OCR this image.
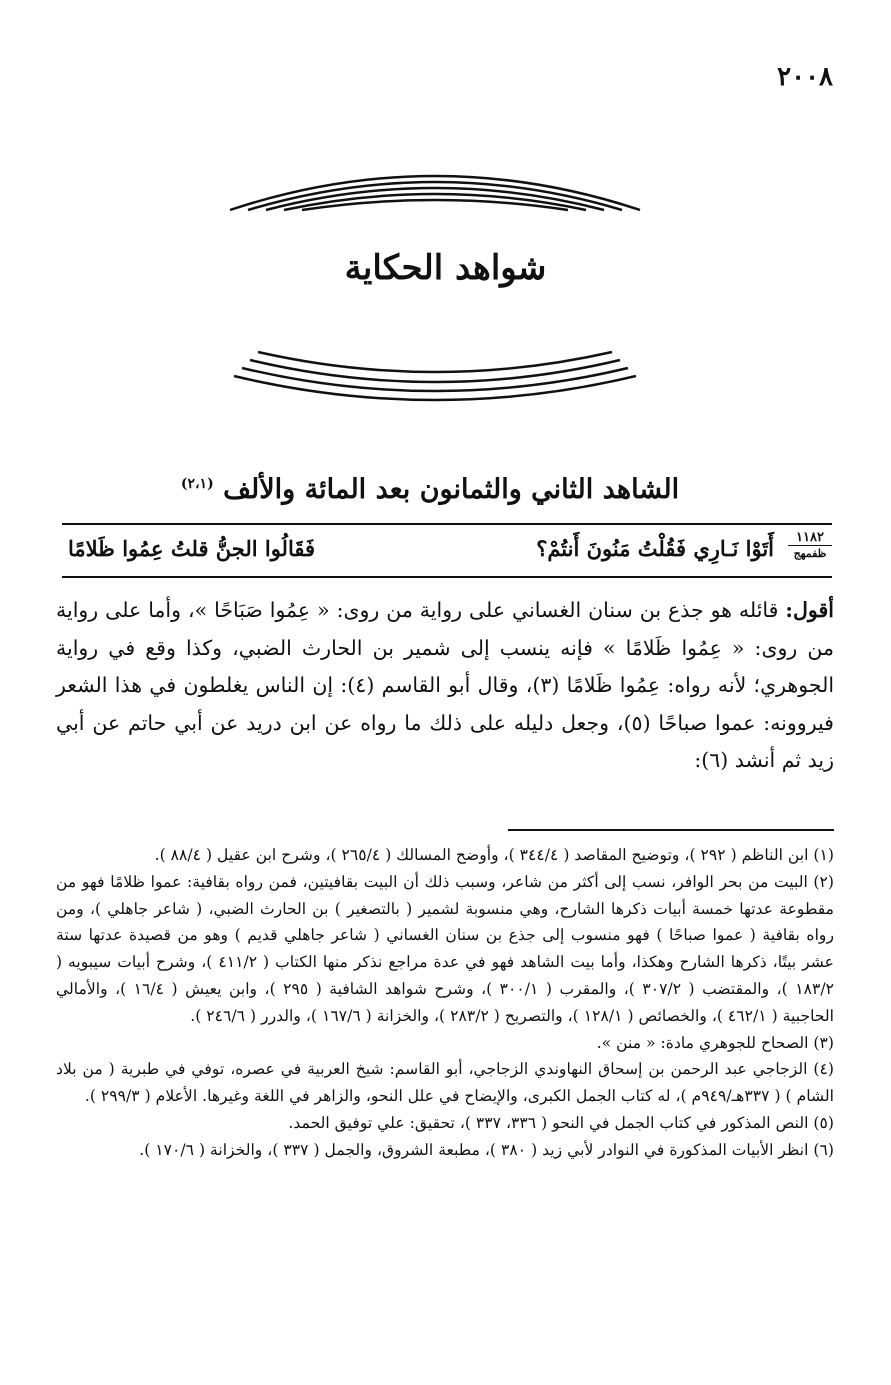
٢٠٠٨
شواهد الحكاية
الشاهد الثاني والثمانون بعد المائة والألف $^{(٢،١)}$
١١٨٢
ظفمهج
أَتَوْا نَـارِي فَقُلْتُ مَنُونَ أَنتُمْ؟
فَقَالُوا الجنُّ قلتُ عِمُوا ظَلامًا
أقول: قائله هو جذع بن سنان الغساني على رواية من روى: « عِمُوا صَبَاحًا »، وأما على رواية من روى: « عِمُوا ظَلامًا » فإنه ينسب إلى شمير بن الحارث الضبي، وكذا وقع في رواية الجوهري؛ لأنه رواه: عِمُوا ظَلامًا (٣)، وقال أبو القاسم (٤): إن الناس يغلطون في هذا الشعر فيروونه: عموا صباحًا (٥)، وجعل دليله على ذلك ما رواه عن ابن دريد عن أبي حاتم عن أبي زيد ثم أنشد (٦):

(١) ابن الناظم ( ٢٩٢ )، وتوضيح المقاصد ( ٣٤٤/٤ )، وأوضح المسالك ( ٢٦٥/٤ )، وشرح ابن عقيل ( ٨٨/٤ ).

(٢) البيت من بحر الوافر، نسب إلى أكثر من شاعر، وسبب ذلك أن البيت بقافيتين، فمن رواه بقافية: عموا ظلامًا فهو من مقطوعة عدتها خمسة أبيات ذكرها الشارح، وهي منسوبة لشمير ( بالتصغير ) بن الحارث الضبي، ( شاعر جاهلي )، ومن رواه بقافية ( عموا صباحًا ) فهو منسوب إلى جذع بن سنان الغساني ( شاعر جاهلي قديم ) وهو من قصيدة عدتها ستة عشر بيتًا، ذكرها الشارح وهكذا، وأما بيت الشاهد فهو في عدة مراجع نذكر منها الكتاب ( ٤١١/٢ )، وشرح أبيات سيبويه ( ١٨٣/٢ )، والمقتضب ( ٣٠٧/٢ )، والمقرب ( ٣٠٠/١ )، وشرح شواهد الشافية ( ٢٩٥ )، وابن يعيش ( ١٦/٤ )، والأمالي الحاجبية ( ٤٦٢/١ )، والخصائص ( ١٢٨/١ )، والتصريح ( ٢٨٣/٢ )، والخزانة ( ١٦٧/٦ )، والدرر ( ٢٤٦/٦ ).

(٣) الصحاح للجوهري مادة: « منن ».

(٤) الزجاجي عبد الرحمن بن إسحاق النهاوندي الزجاجي، أبو القاسم: شيخ العربية في عصره، توفي في طبرية ( من بلاد الشام ) ( ٣٣٧هـ/٩٤٩م )، له كتاب الجمل الكبرى، والإيضاح في علل النحو، والزاهر في اللغة وغيرها. الأعلام ( ٢٩٩/٣ ).

(٥) النص المذكور في كتاب الجمل في النحو ( ٣٣٦، ٣٣٧ )، تحقيق: علي توفيق الحمد.

(٦) انظر الأبيات المذكورة في النوادر لأبي زيد ( ٣٨٠ )، مطبعة الشروق، والجمل ( ٣٣٧ )، والخزانة ( ١٧٠/٦ ).
